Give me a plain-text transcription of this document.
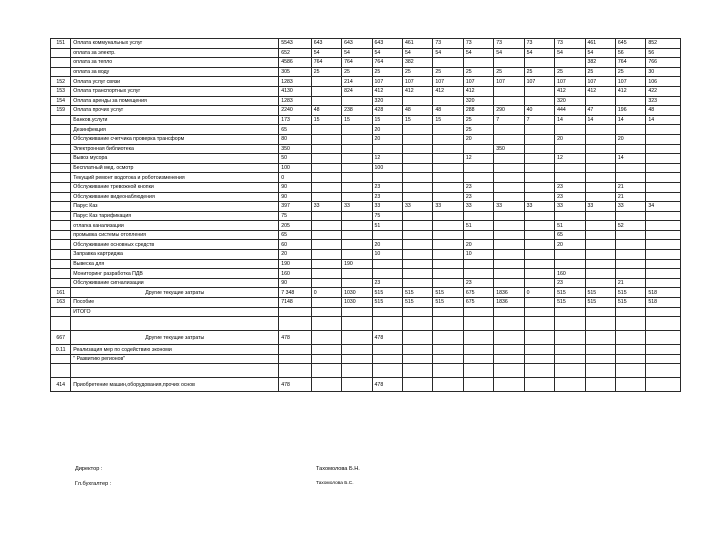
151	Оплата коммунальных услуг	5543	643	643	643	461	73	73	73	73	73	461	645	852
	оплата за электр.	652	54	54	54	54	54	54	54	54	54	54	56	56
	оплата за тепло	4586	764	764	764	382						382	764	766
	оплата за воду	305	25	25	25	25	25	25	25	25	25	25	25	30
152	Оплата услуг связи	1283		214	107	107	107	107	107	107	107	107	107	106
153	Оплата транспортных услуг	4130		824	412	412	412	412			412	412	412	422
154	Оплата аренды за помещения	1283			320			320			320			323
159	Оплата прочих услуг	2240	48	238	428	48	48	288	290	40	444	47	196	48
	Банков.услуги	173	15	15	15	15	15	25	7	7	14	14	14	14
	Дезинфекция	65			20			25						
	Обслуживание счетчика проверка трансформ	80			20			20			20		20	
	Электронная библиотека	350							350					
	Вывоз мусора	50			12			12			12		14	
	Бесплатный мед. осмотр	100			100									
	Текущий ремонт водотока и роботоизменения	0												
	Обслуживание тревожной кнопки	90			23			23			23		21	
	Обслуживание видеонаблюдения	90			23			23			23		21	
	Парус Каз	397	33	33	33	33	33	33	33	33	33	33	33	34
	Парус Каз тарификация	75			75									
	отлагка канализации	205			51			51			51		52	
	промывка системы отопления	65									65			
	Обслуживание основных средств	60			20			20			20			
	Заправка картриджа	20			10			10						
	Вывеска для	190		190										
	Мониторинг разработка ПДВ	160									160			
	Обслуживание сигнализации	90			23			23			23		21	
161	Другие текущие затраты	7 348	0	1030	515	515	515	675	1836	0	515	515	515	518
163	Пособие	7148		1030	515	515	515	675	1836		515	515	515	518
	ИТОГО													

667	Другие текущие затраты	478			478									
0.11	Реализация мер по содействию экономи													
	" Развитию регионов"													

414	Приобретение машин,оборудования,прочих основ	478			478									
Директор :	Тахомолова Б.Н.
Гл.бухгалтер :	Тахомолова Б.С.
